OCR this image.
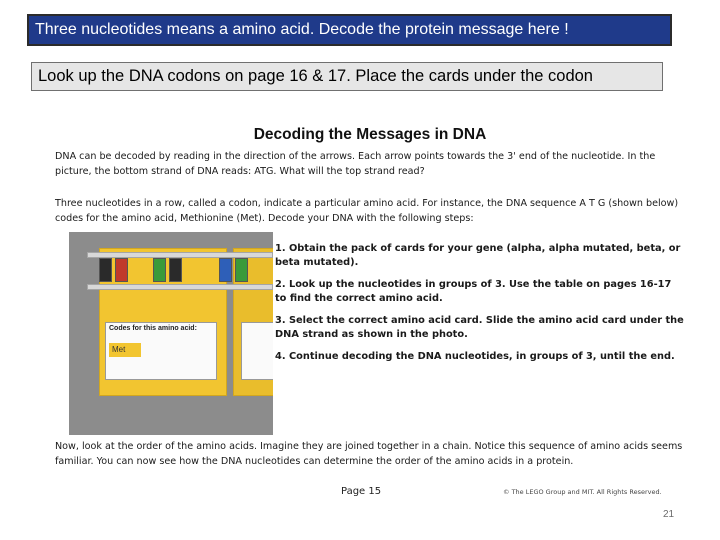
Three nucleotides means a amino acid. Decode the protein message here !
Look up the DNA codons on page 16 & 17. Place the cards under the codon
Decoding the Messages in DNA
DNA can be decoded by reading in the direction of the arrows. Each arrow points towards the 3' end of the nucleotide. In the picture, the bottom strand of DNA reads: ATG. What will the top strand read?
Three nucleotides in a row, called a codon, indicate a particular amino acid. For instance, the DNA sequence A T G (shown below) codes for the amino acid, Methionine (Met). Decode your DNA with the following steps:
Codes for this amino acid:
Met
1. Obtain the pack of cards for your gene (alpha, alpha mutated, beta, or beta mutated).
2. Look up the nucleotides in groups of 3. Use the table on pages 16-17 to find the correct amino acid.
3. Select the correct amino acid card. Slide the amino acid card under the DNA strand as shown in the photo.
4. Continue decoding the DNA nucleotides, in groups of 3, until the end.
Now, look at the order of the amino acids. Imagine they are joined together in a chain. Notice this sequence of amino acids seems familiar. You can now see how the DNA nucleotides can determine the order of the amino acids in a protein.
Page 15	© The LEGO Group and MIT. All Rights Reserved.
21
